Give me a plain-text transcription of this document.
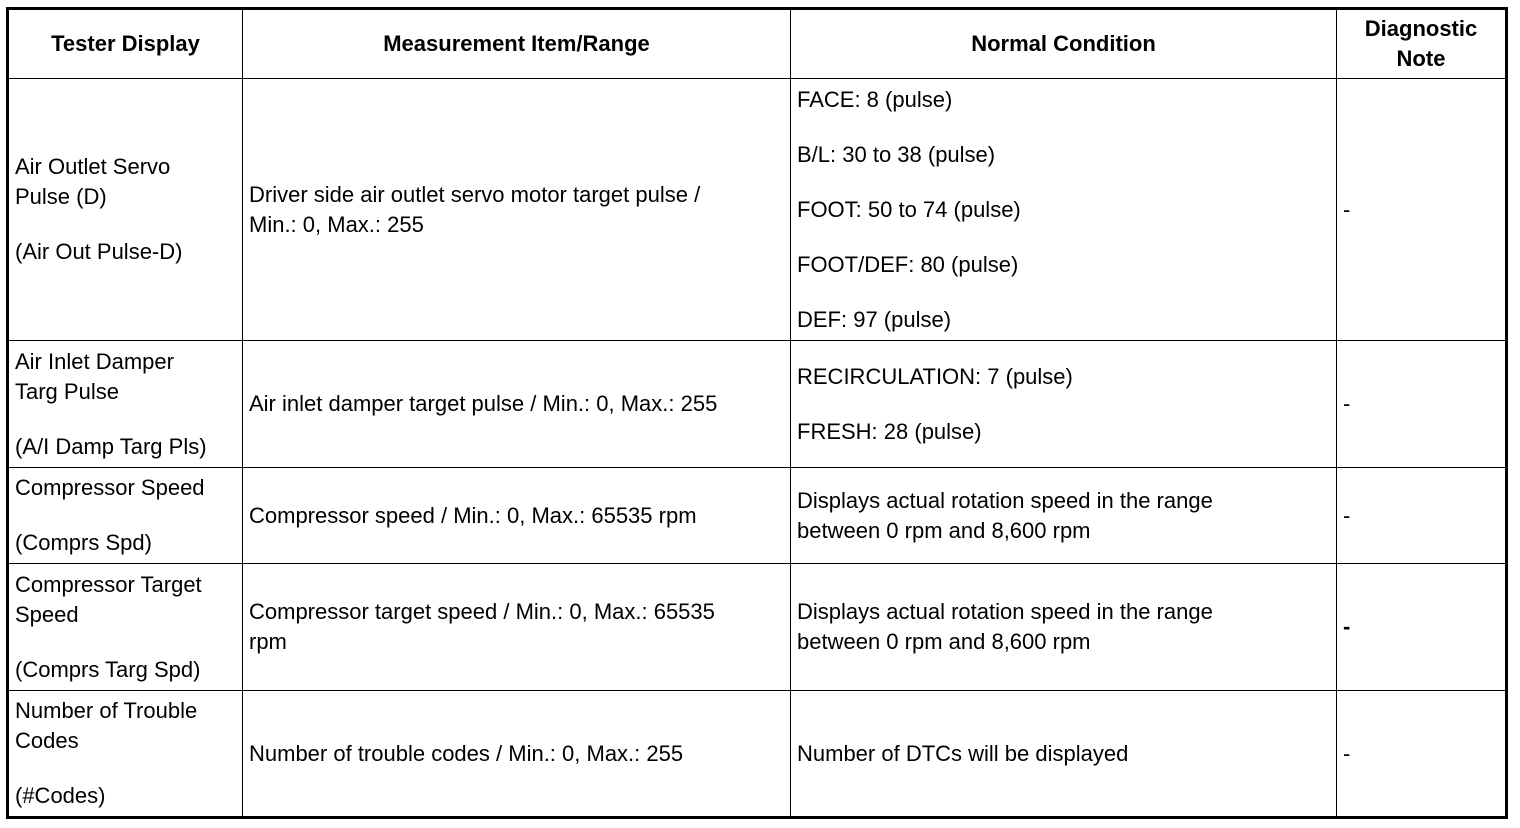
Tester Display	Measurement Item/Range	Normal Condition	Diagnostic
Note
Air Outlet Servo
Pulse (D)
(Air Out Pulse-D)	Driver side air outlet servo motor target pulse /
Min.: 0, Max.: 255	FACE: 8 (pulse)
B/L: 30 to 38 (pulse)
FOOT: 50 to 74 (pulse)
FOOT/DEF: 80 (pulse)
DEF: 97 (pulse)	-
Air Inlet Damper
Targ Pulse
(A/I Damp Targ Pls)	Air inlet damper target pulse / Min.: 0, Max.: 255	RECIRCULATION: 7 (pulse)
FRESH: 28 (pulse)	-
Compressor Speed
(Comprs Spd)	Compressor speed / Min.: 0, Max.: 65535 rpm	Displays actual rotation speed in the range
between 0 rpm and 8,600 rpm	-
Compressor Target
Speed
(Comprs Targ Spd)	Compressor target speed / Min.: 0, Max.: 65535
rpm	Displays actual rotation speed in the range
between 0 rpm and 8,600 rpm	-
Number of Trouble
Codes
(#Codes)	Number of trouble codes / Min.: 0, Max.: 255	Number of DTCs will be displayed	-
